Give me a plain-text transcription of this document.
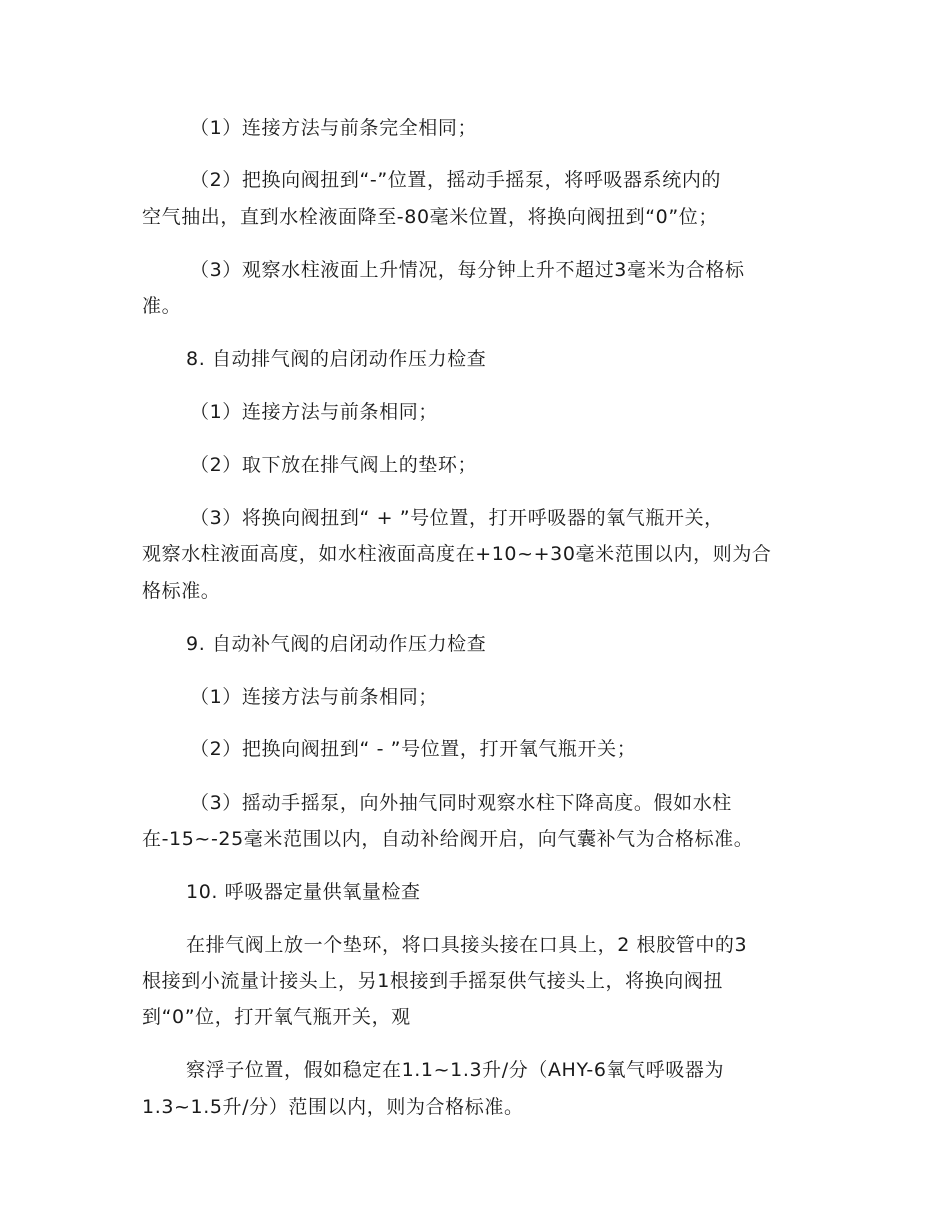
（1）连接方法与前条完全相同；
（2）把换向阀扭到“-”位置，摇动手摇泵，将呼吸器系统内的
空气抽出，直到水栓液面降至-80毫米位置，将换向阀扭到“0”位；
（3）观察水柱液面上升情况，每分钟上升不超过3毫米为合格标
准。
8. 自动排气阀的启闭动作压力检查
（1）连接方法与前条相同；
（2）取下放在排气阀上的垫环；
（3）将换向阀扭到“ + ”号位置，打开呼吸器的氧气瓶开关，
观察水柱液面高度，如水柱液面高度在+10~+30毫米范围以内，则为合
格标准。
9. 自动补气阀的启闭动作压力检查
（1）连接方法与前条相同；
（2）把换向阀扭到“ - ”号位置，打开氧气瓶开关；
（3）摇动手摇泵，向外抽气同时观察水柱下降高度。假如水柱
在-15~-25毫米范围以内，自动补给阀开启，向气囊补气为合格标准。
10. 呼吸器定量供氧量检查
在排气阀上放一个垫环，将口具接头接在口具上，2 根胶管中的3
根接到小流量计接头上，另1根接到手摇泵供气接头上，将换向阀扭
到“0”位，打开氧气瓶开关，观
察浮子位置，假如稳定在1.1~1.3升/分（AHY-6氧气呼吸器为
1.3~1.5升/分）范围以内，则为合格标准。
